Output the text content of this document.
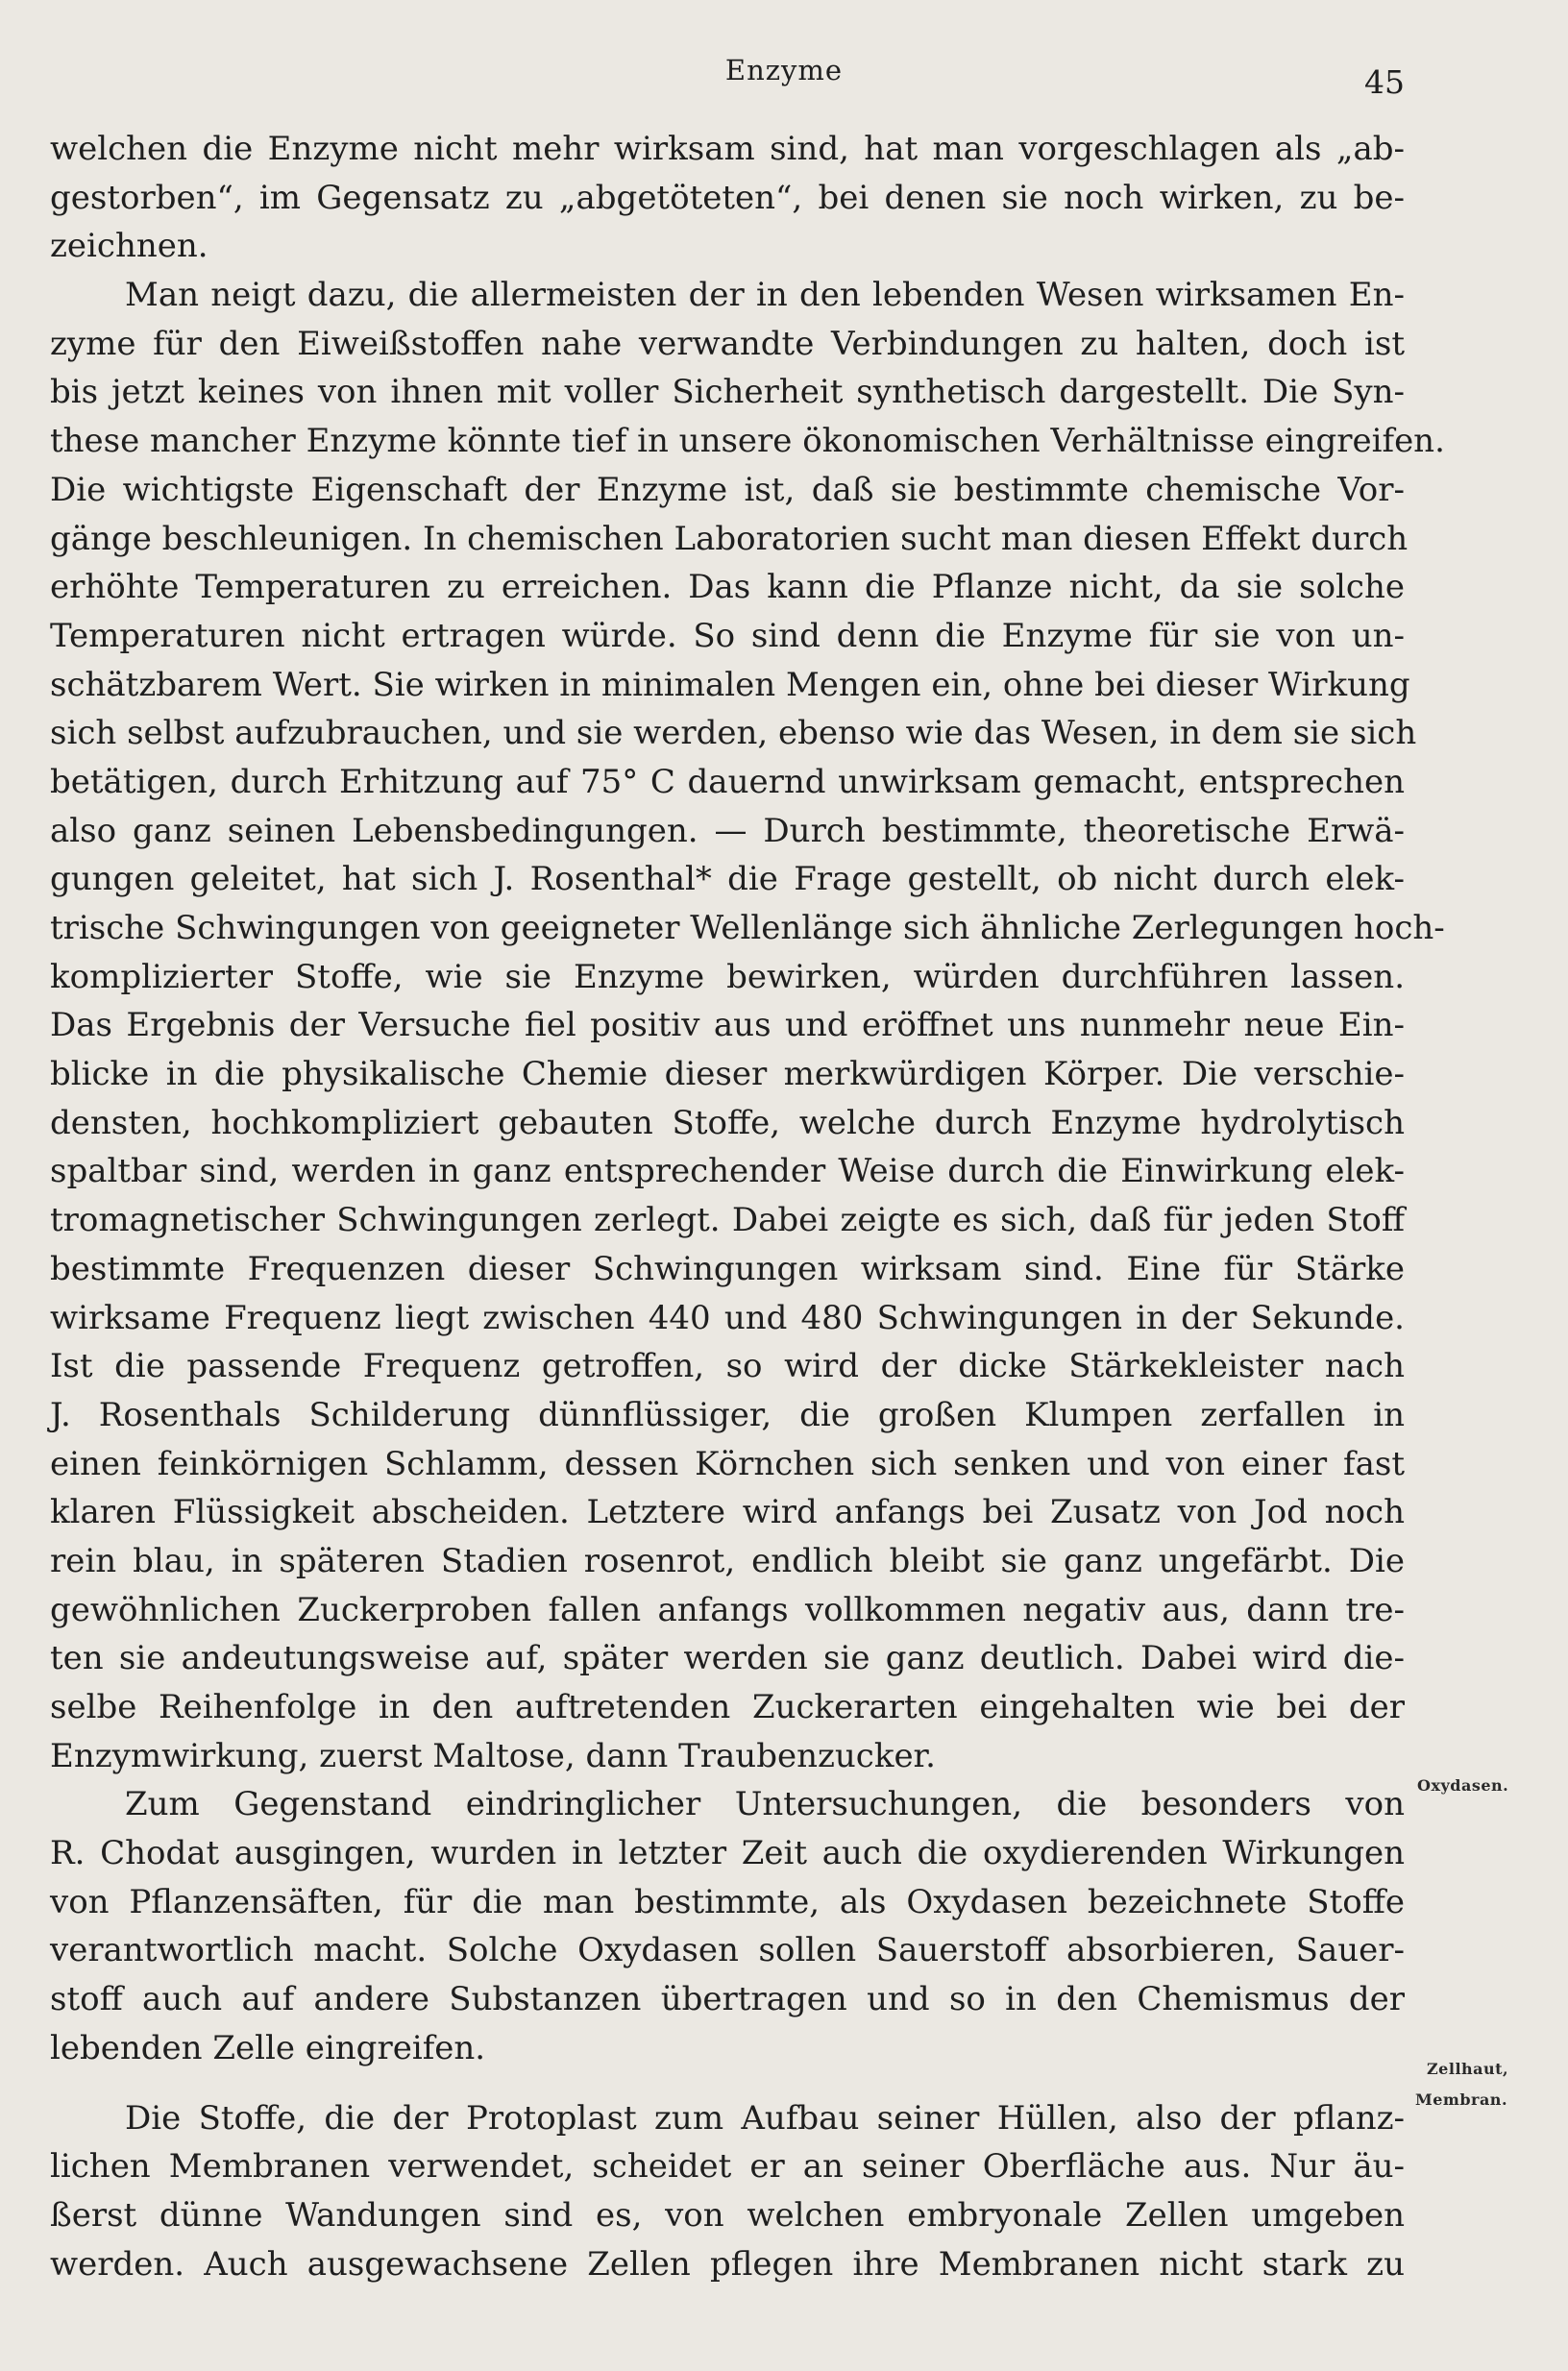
Enzyme	45
welchen die Enzyme nicht mehr wirksam sind, hat man vorgeschlagen als „ab-
gestorben“, im Gegensatz zu „abgetöteten“, bei denen sie noch wirken, zu be-
zeichnen.
Man neigt dazu, die allermeisten der in den lebenden Wesen wirksamen En-
zyme für den Eiweißstoffen nahe verwandte Verbindungen zu halten, doch ist
bis jetzt keines von ihnen mit voller Sicherheit synthetisch dargestellt. Die Syn-
these mancher Enzyme könnte tief in unsere ökonomischen Verhältnisse eingreifen.
Die wichtigste Eigenschaft der Enzyme ist, daß sie bestimmte chemische Vor-
gänge beschleunigen. In chemischen Laboratorien sucht man diesen Effekt durch
erhöhte Temperaturen zu erreichen. Das kann die Pflanze nicht, da sie solche
Temperaturen nicht ertragen würde. So sind denn die Enzyme für sie von un-
schätzbarem Wert. Sie wirken in minimalen Mengen ein, ohne bei dieser Wirkung
sich selbst aufzubrauchen, und sie werden, ebenso wie das Wesen, in dem sie sich
betätigen, durch Erhitzung auf 75° C dauernd unwirksam gemacht, entsprechen
also ganz seinen Lebensbedingungen. — Durch bestimmte, theoretische Erwä-
gungen geleitet, hat sich J. Rosenthal* die Frage gestellt, ob nicht durch elek-
trische Schwingungen von geeigneter Wellenlänge sich ähnliche Zerlegungen hoch-
komplizierter Stoffe, wie sie Enzyme bewirken, würden durchführen lassen.
Das Ergebnis der Versuche fiel positiv aus und eröffnet uns nunmehr neue Ein-
blicke in die physikalische Chemie dieser merkwürdigen Körper. Die verschie-
densten, hochkompliziert gebauten Stoffe, welche durch Enzyme hydrolytisch
spaltbar sind, werden in ganz entsprechender Weise durch die Einwirkung elek-
tromagnetischer Schwingungen zerlegt. Dabei zeigte es sich, daß für jeden Stoff
bestimmte Frequenzen dieser Schwingungen wirksam sind. Eine für Stärke
wirksame Frequenz liegt zwischen 440 und 480 Schwingungen in der Sekunde.
Ist die passende Frequenz getroffen, so wird der dicke Stärkekleister nach
J. Rosenthals Schilderung dünnflüssiger, die großen Klumpen zerfallen in
einen feinkörnigen Schlamm, dessen Körnchen sich senken und von einer fast
klaren Flüssigkeit abscheiden. Letztere wird anfangs bei Zusatz von Jod noch
rein blau, in späteren Stadien rosenrot, endlich bleibt sie ganz ungefärbt. Die
gewöhnlichen Zuckerproben fallen anfangs vollkommen negativ aus, dann tre-
ten sie andeutungsweise auf, später werden sie ganz deutlich. Dabei wird die-
selbe Reihenfolge in den auftretenden Zuckerarten eingehalten wie bei der
Enzymwirkung, zuerst Maltose, dann Traubenzucker.
Zum Gegenstand eindringlicher Untersuchungen, die besonders von
R. Chodat ausgingen, wurden in letzter Zeit auch die oxydierenden Wirkungen
von Pflanzensäften, für die man bestimmte, als Oxydasen bezeichnete Stoffe
verantwortlich macht. Solche Oxydasen sollen Sauerstoff absorbieren, Sauer-
stoff auch auf andere Substanzen übertragen und so in den Chemismus der
lebenden Zelle eingreifen.
Die Stoffe, die der Protoplast zum Aufbau seiner Hüllen, also der pflanz-
lichen Membranen verwendet, scheidet er an seiner Oberfläche aus. Nur äu-
ßerst dünne Wandungen sind es, von welchen embryonale Zellen umgeben
werden. Auch ausgewachsene Zellen pflegen ihre Membranen nicht stark zu
Oxydasen.
Zellhaut,
Membran.
